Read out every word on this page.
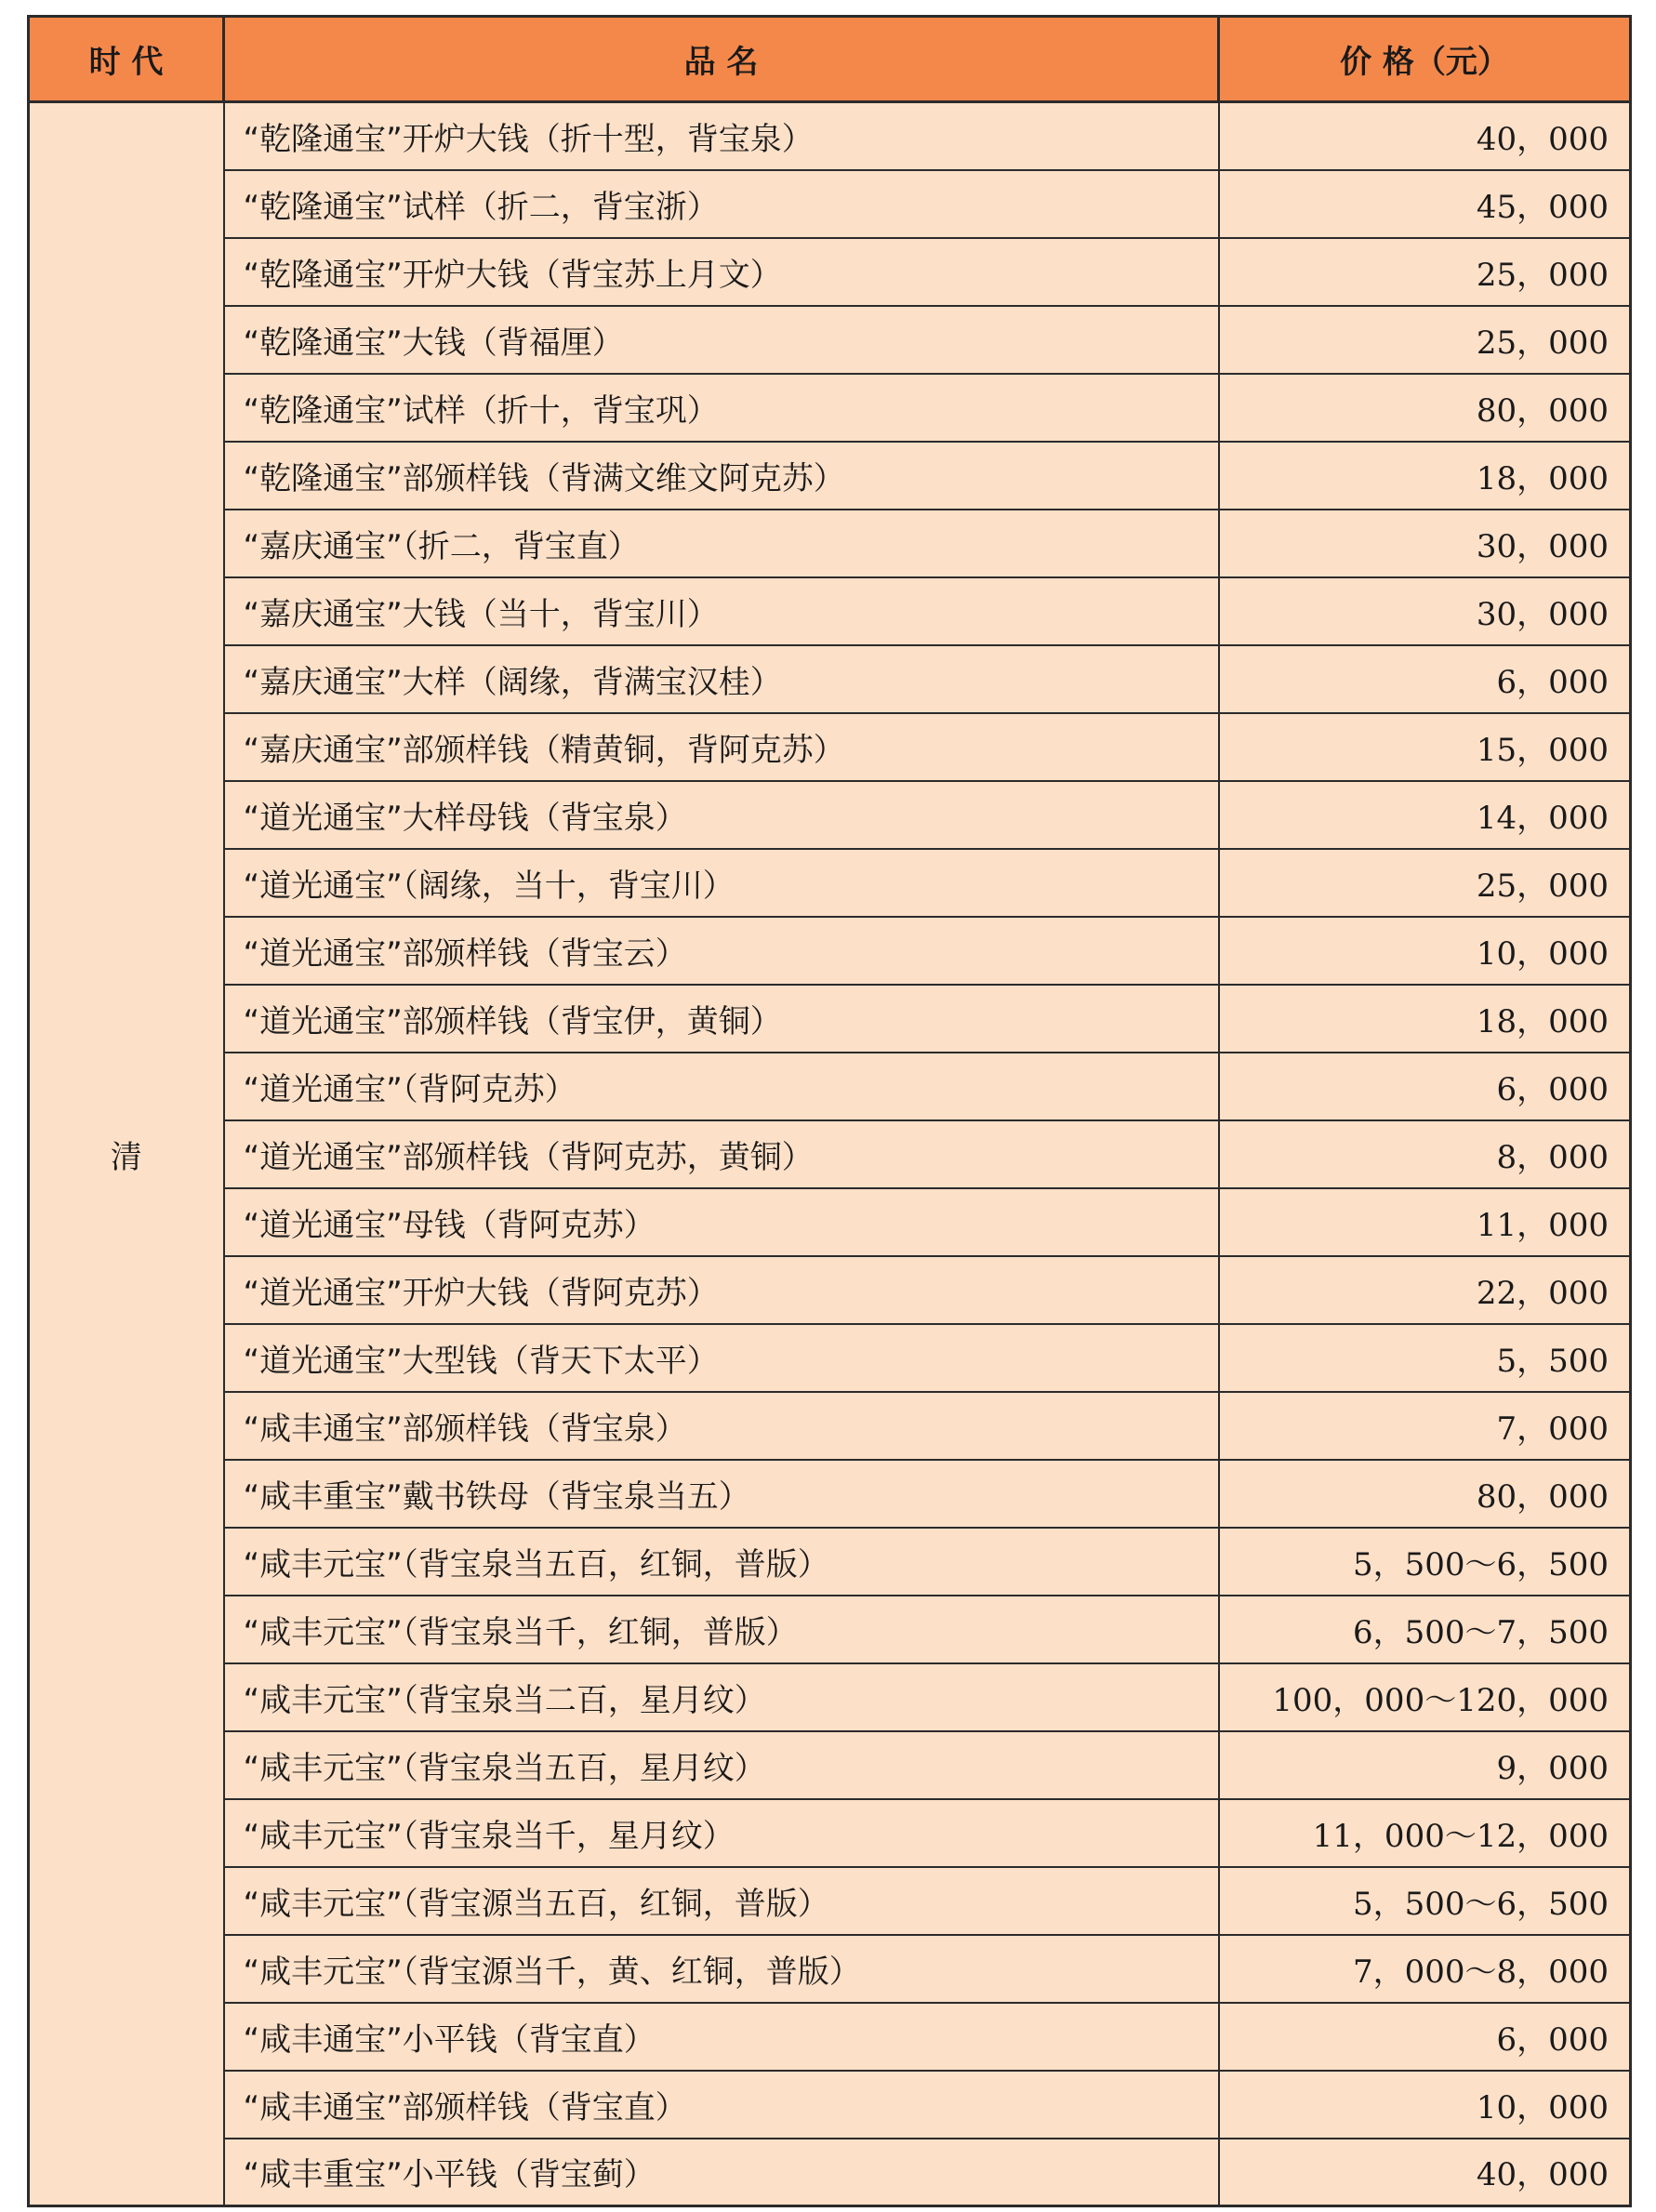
时 代	品 名	价 格（元）
清	“乾隆通宝”开炉大钱（折十型，背宝泉）	40，000
	“乾隆通宝”试样（折二，背宝浙）	45，000
	“乾隆通宝”开炉大钱（背宝苏上月文）	25，000
	“乾隆通宝”大钱（背福厘）	25，000
	“乾隆通宝”试样（折十，背宝巩）	80，000
	“乾隆通宝”部颁样钱（背满文维文阿克苏）	18，000
	“嘉庆通宝”（折二，背宝直）	30，000
	“嘉庆通宝”大钱（当十，背宝川）	30，000
	“嘉庆通宝”大样（阔缘，背满宝汉桂）	6，000
	“嘉庆通宝”部颁样钱（精黄铜，背阿克苏）	15，000
	“道光通宝”大样母钱（背宝泉）	14，000
	“道光通宝”（阔缘，当十，背宝川）	25，000
	“道光通宝”部颁样钱（背宝云）	10，000
	“道光通宝”部颁样钱（背宝伊，黄铜）	18，000
	“道光通宝”（背阿克苏）	6，000
	“道光通宝”部颁样钱（背阿克苏，黄铜）	8，000
	“道光通宝”母钱（背阿克苏）	11，000
	“道光通宝”开炉大钱（背阿克苏）	22，000
	“道光通宝”大型钱（背天下太平）	5，500
	“咸丰通宝”部颁样钱（背宝泉）	7，000
	“咸丰重宝”戴书铁母（背宝泉当五）	80，000
	“咸丰元宝”（背宝泉当五百，红铜，普版）	5，500～6，500
	“咸丰元宝”（背宝泉当千，红铜，普版）	6，500～7，500
	“咸丰元宝”（背宝泉当二百，星月纹）	100，000～120，000
	“咸丰元宝”（背宝泉当五百，星月纹）	9，000
	“咸丰元宝”（背宝泉当千，星月纹）	11，000～12，000
	“咸丰元宝”（背宝源当五百，红铜，普版）	5，500～6，500
	“咸丰元宝”（背宝源当千，黄、红铜，普版）	7，000～8，000
	“咸丰通宝”小平钱（背宝直）	6，000
	“咸丰通宝”部颁样钱（背宝直）	10，000
	“咸丰重宝”小平钱（背宝蓟）	40，000
